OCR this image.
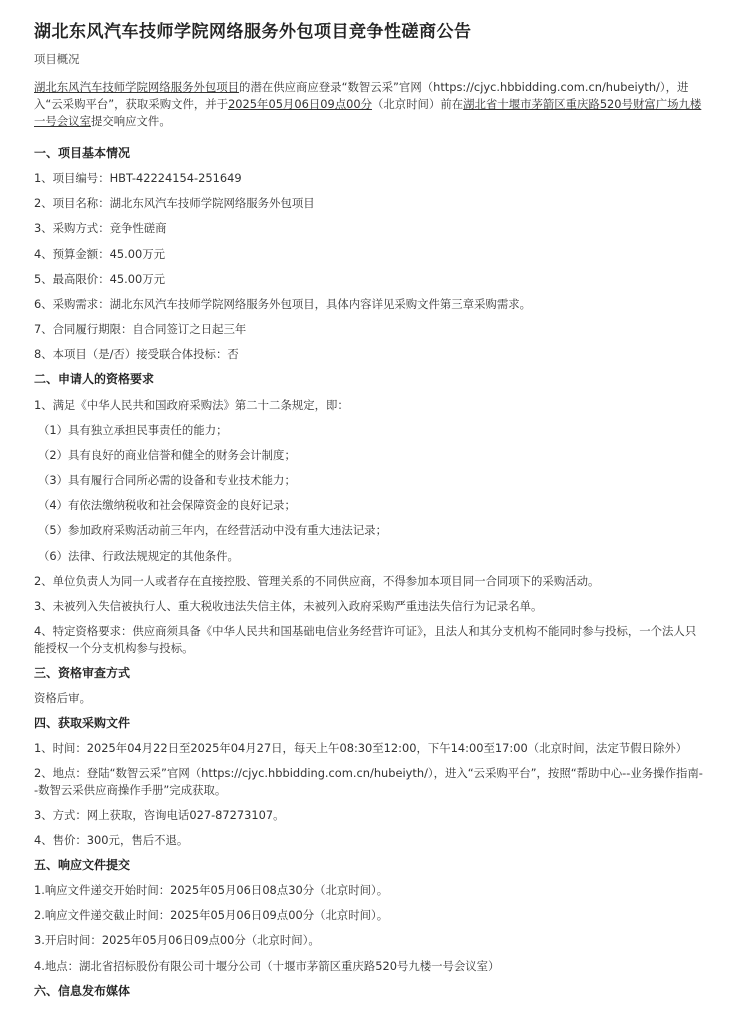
湖北东风汽车技师学院网络服务外包项目竞争性磋商公告
项目概况
湖北东风汽车技师学院网络服务外包项目的潜在供应商应登录“数智云采”官网（https://cjyc.hbbidding.com.cn/hubeiyth/），进入“云采购平台”，获取采购文件，并于2025年05月06日09点00分（北京时间）前在湖北省十堰市茅箭区重庆路520号财富广场九楼一号会议室提交响应文件。
一、项目基本情况
1、项目编号：HBT-42224154-251649
2、项目名称：湖北东风汽车技师学院网络服务外包项目
3、采购方式：竞争性磋商
4、预算金额：45.00万元
5、最高限价：45.00万元
6、采购需求：湖北东风汽车技师学院网络服务外包项目，具体内容详见采购文件第三章采购需求。
7、合同履行期限：自合同签订之日起三年
8、本项目（是/否）接受联合体投标：否
二、申请人的资格要求
1、满足《中华人民共和国政府采购法》第二十二条规定，即：
（1）具有独立承担民事责任的能力；
（2）具有良好的商业信誉和健全的财务会计制度；
（3）具有履行合同所必需的设备和专业技术能力；
（4）有依法缴纳税收和社会保障资金的良好记录；
（5）参加政府采购活动前三年内，在经营活动中没有重大违法记录；
（6）法律、行政法规规定的其他条件。
2、单位负责人为同一人或者存在直接控股、管理关系的不同供应商，不得参加本项目同一合同项下的采购活动。
3、未被列入失信被执行人、重大税收违法失信主体，未被列入政府采购严重违法失信行为记录名单。
4、特定资格要求：供应商须具备《中华人民共和国基础电信业务经营许可证》，且法人和其分支机构不能同时参与投标，一个法人只能授权一个分支机构参与投标。
三、资格审查方式
资格后审。
四、获取采购文件
1、时间：2025年04月22日至2025年04月27日，每天上午08:30至12:00，下午14:00至17:00（北京时间，法定节假日除外）
2、地点：登陆“数智云采”官网（https://cjyc.hbbidding.com.cn/hubeiyth/），进入“云采购平台”，按照“帮助中心--业务操作指南--数智云采供应商操作手册”完成获取。
3、方式：网上获取，咨询电话027-87273107。
4、售价：300元，售后不退。
五、响应文件提交
1.响应文件递交开始时间：2025年05月06日08点30分（北京时间）。
2.响应文件递交截止时间：2025年05月06日09点00分（北京时间）。
3.开启时间：2025年05月06日09点00分（北京时间）。
4.地点：湖北省招标股份有限公司十堰分公司（十堰市茅箭区重庆路520号九楼一号会议室）
六、信息发布媒体
